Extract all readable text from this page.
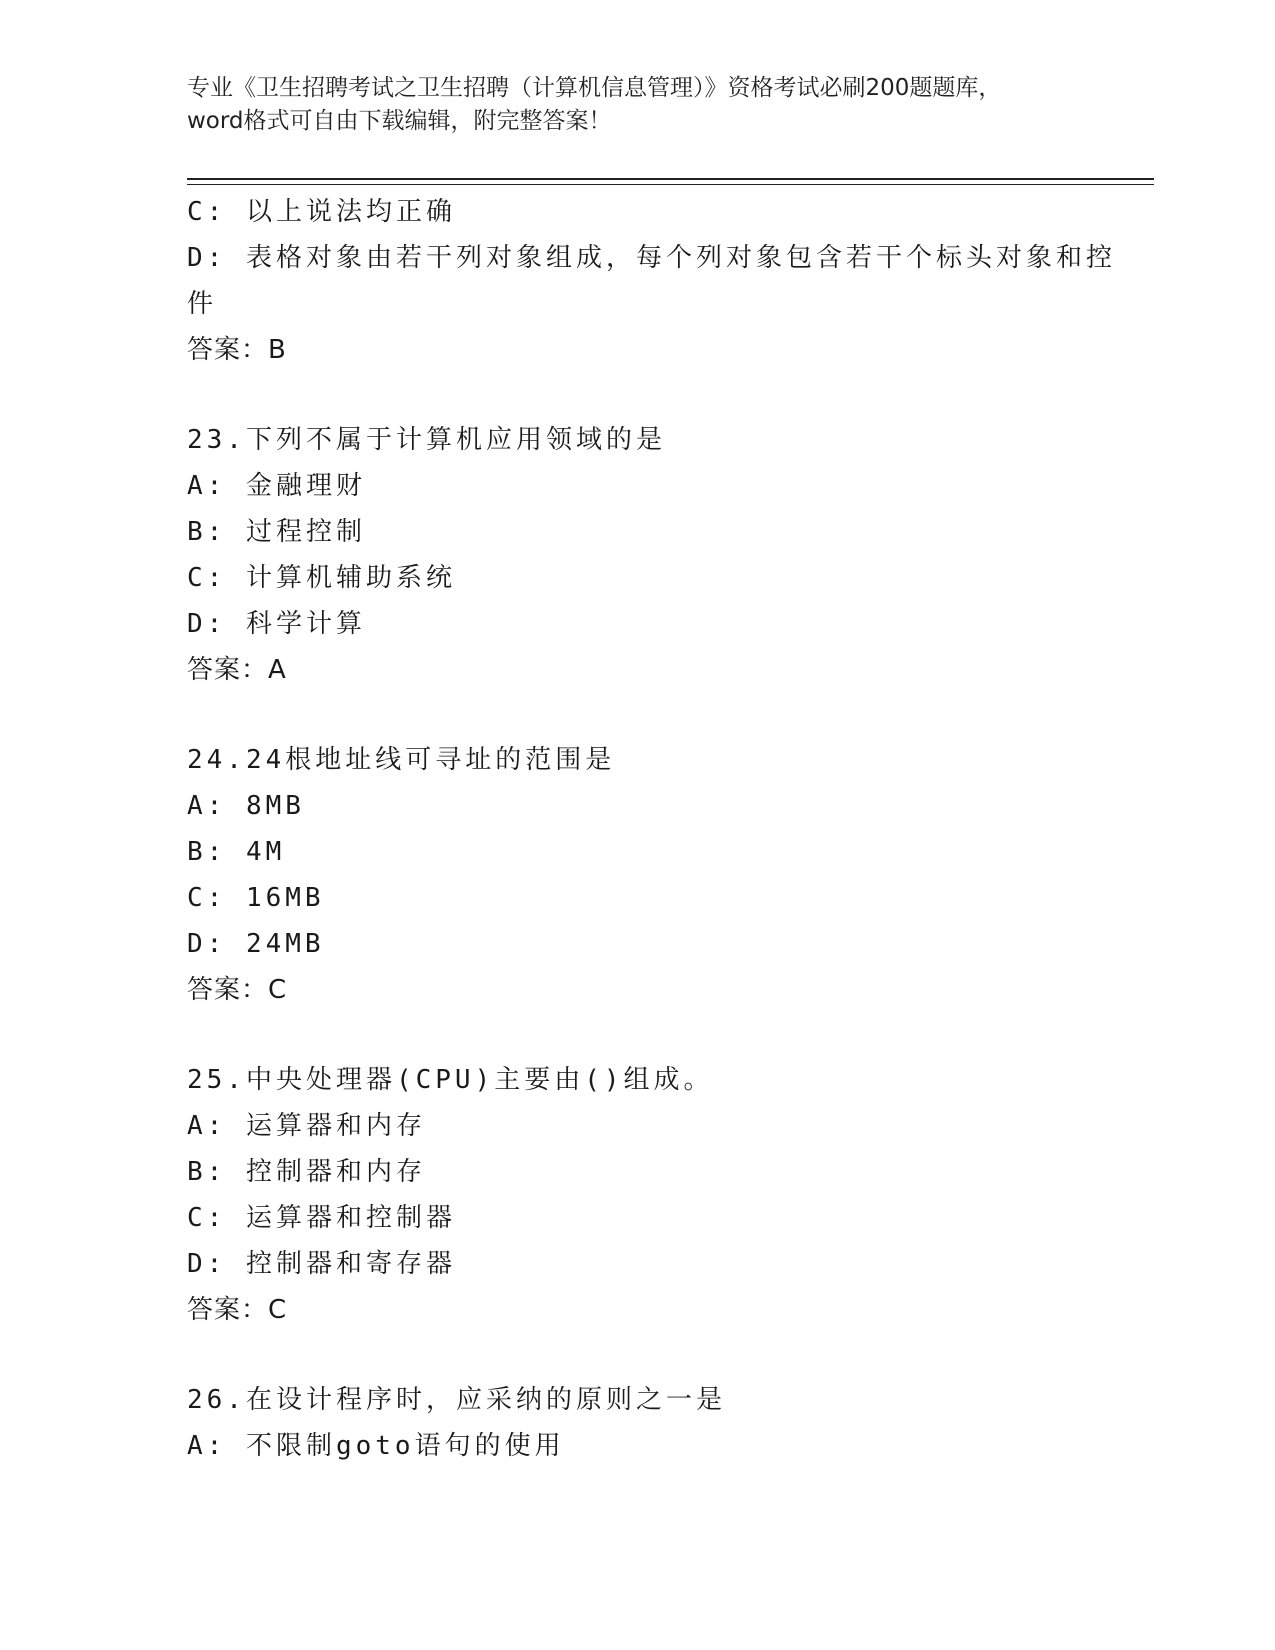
专业《卫生招聘考试之卫生招聘（计算机信息管理）》资格考试必刷200题题库，
word格式可自由下载编辑，附完整答案！
C: 以上说法均正确
D: 表格对象由若干列对象组成，每个列对象包含若干个标头对象和控
件
答案：B
23.下列不属于计算机应用领域的是
A: 金融理财
B: 过程控制
C: 计算机辅助系统
D: 科学计算
答案：A
24.24根地址线可寻址的范围是
A: 8MB
B: 4M
C: 16MB
D: 24MB
答案：C
25.中央处理器(CPU)主要由()组成。
A: 运算器和内存
B: 控制器和内存
C: 运算器和控制器
D: 控制器和寄存器
答案：C
26.在设计程序时，应采纳的原则之一是
A: 不限制goto语句的使用
